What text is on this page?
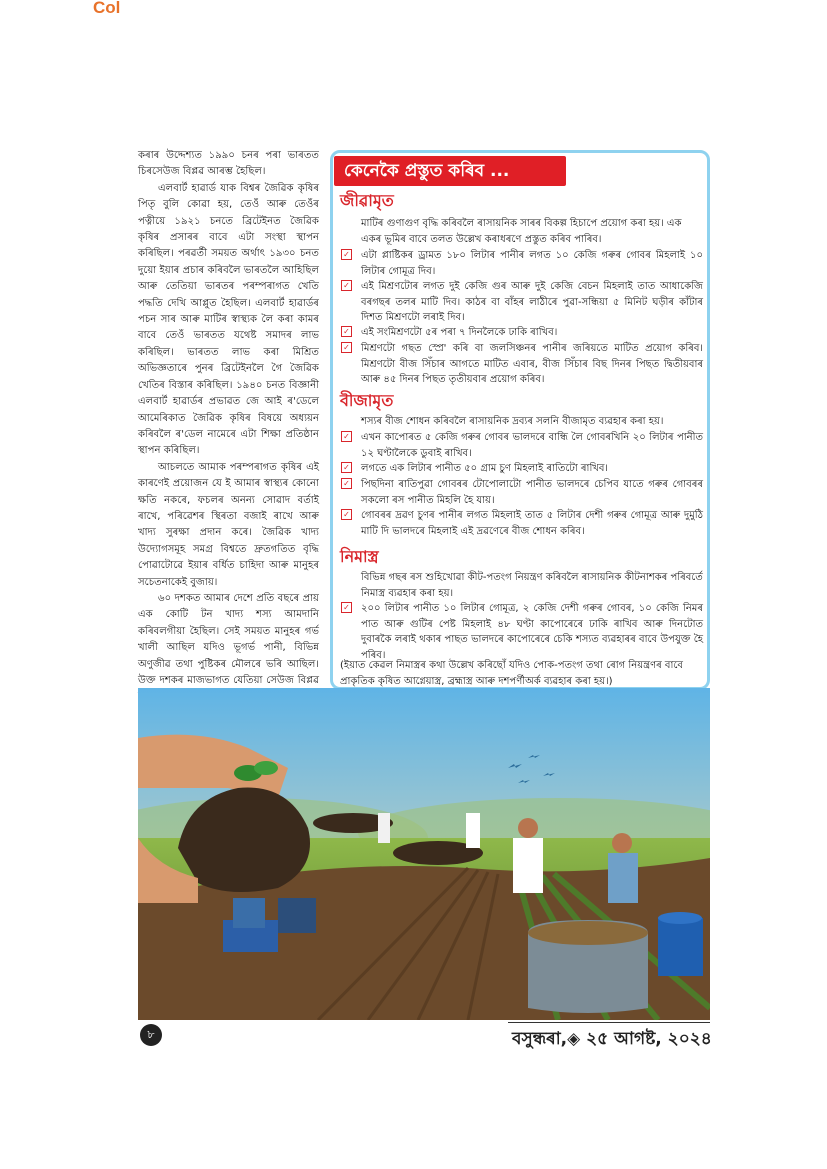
Col

কৰাৰ উদ্দেশ্যত ১৯৯০ চনৰ পৰা ভাৰতত চিৰসেউজ বিপ্লৱ আৰম্ভ হৈছিল।

এলবাৰ্ট হাৱাৰ্ড যাক বিশ্বৰ জৈৱিক কৃষিৰ পিতৃ বুলি কোৱা হয়, তেওঁ আৰু তেওঁৰ পত্নীয়ে ১৯২১ চনতে ব্ৰিটেইনত জৈৱিক কৃষিৰ প্ৰসাৰৰ বাবে এটা সংস্থা স্থাপন কৰিছিল। পৰৱৰ্তী সময়ত অৰ্থাৎ ১৯৩০ চনত দুয়ো ইয়াৰ প্ৰচাৰ কৰিবলৈ ভাৰতলৈ আহিছিল আৰু তেতিয়া ভাৰতৰ পৰম্পৰাগত খেতি পদ্ধতি দেখি আপ্লুত হৈছিল। এলবাৰ্ট হাৱাৰ্ডৰ পচন সাৰ আৰু মাটিৰ স্বাস্থ্যক লৈ কৰা কামৰ বাবে তেওঁ ভাৰতত যথেষ্ট সমাদৰ লাভ কৰিছিল। ভাৰতত লাভ কৰা মিশ্ৰিত অভিজ্ঞতাৰে পুনৰ ব্ৰিটেইনলৈ গৈ জৈৱিক খেতিৰ বিস্তাৰ কৰিছিল। ১৯৪০ চনত বিজ্ঞানী এলবাৰ্ট হাৱাৰ্ডৰ প্ৰভাৱত জে আই ৰ'ডেলে আমেৰিকাত জৈৱিক কৃষিৰ বিষয়ে অধ্যয়ন কৰিবলৈ ৰ'ডেল নামেৰে এটা শিক্ষা প্ৰতিষ্ঠান স্থাপন কৰিছিল।

আচলতে আমাক পৰম্পৰাগত কৃষিৰ এই কাৰণেই প্ৰয়োজন যে ই আমাৰ স্বাস্থ্যৰ কোনো ক্ষতি নকৰে, ফচলৰ অনন্য সোৱাদ বৰ্তাই ৰাখে, পৰিৱেশৰ স্থিৰতা বজাই ৰাখে আৰু খাদ্য সুৰক্ষা প্ৰদান কৰে। জৈৱিক খাদ্য উদ্যোগসমূহ সমগ্ৰ বিশ্বতে দ্ৰুতগতিত বৃদ্ধি পোৱাটোৱে ইয়াৰ বৰ্ধিত চাহিদা আৰু মানুহৰ সচেতনাকেই বুজায়।

৬০ দশকত আমাৰ দেশে প্ৰতি বছৰে প্ৰায় এক কোটি টন খাদ্য শস্য আমদানি কৰিবলগীয়া হৈছিল। সেই সময়ত মানুহৰ গৰ্ভ খালী আছিল যদিও ভূগৰ্ভ পানী, বিভিন্ন অণুজীৱ তথা পুষ্টিকৰ মৌলৰে ভৰি আছিল। উক্ত দশকৰ মাজভাগত যেতিয়া সেউজ বিপ্লৱ

কেনেকৈ প্ৰস্তুত কৰিব ...
জীৱামৃত
মাটিৰ গুণাগুণ বৃদ্ধি কৰিবলৈ ৰাসায়নিক সাৰৰ বিকল্প হিচাপে প্ৰয়োগ কৰা হয়। এক একৰ ভূমিৰ বাবে তলত উল্লেখ কৰাধৰণে প্ৰস্তুত কৰিব পাৰিব।
✓ এটা প্লাষ্টিকৰ ড্ৰামত ১৮০ লিটাৰ পানীৰ লগত ১০ কেজি গৰুৰ গোবৰ মিহলাই ১০ লিটাৰ গোমূত্ৰ দিব।
✓ এই মিশ্ৰণটোৰ লগত দুই কেজি গুৰ আৰু দুই কেজি বেচন মিহলাই তাত আধাকেজি বৰগছৰ তলৰ মাটি দিব। কাঠৰ বা বাঁহৰ লাঠীৰে পুৱা-সন্ধিয়া ৫ মিনিট ঘড়ীৰ কাঁটাৰ দিশত মিশ্ৰণটো লৰাই দিব।
✓ এই সংমিশ্ৰণটো ৫ৰ পৰা ৭ দিনলৈকে ঢাকি ৰাখিব।
✓ মিশ্ৰণটো গছত স্প্ৰে' কৰি বা জলসিঞ্চনৰ পানীৰ জৰিয়তে মাটিত প্ৰয়োগ কৰিব। মিশ্ৰণটো বীজ সিঁচাৰ আগতে মাটিত এবাৰ, বীজ সিঁচাৰ বিছ দিনৰ পিছত দ্বিতীয়বাৰ আৰু ৪৫ দিনৰ পিছত তৃতীয়বাৰ প্ৰয়োগ কৰিব।
বীজামৃত
শস্যৰ বীজ শোধন কৰিবলৈ ৰাসায়নিক দ্ৰব্যৰ সলনি বীজামৃত ব্যৱহাৰ কৰা হয়।
✓ এখন কাপোৰত ৫ কেজি গৰুৰ গোবৰ ভালদৰে বান্ধি লৈ গোবৰখিনি ২০ লিটাৰ পানীত ১২ ঘণ্টালৈকে ডুবাই ৰাখিব।
✓ লগতে এক লিটাৰ পানীত ৫০ গ্ৰাম চুণ মিহলাই ৰাতিটো ৰাখিব।
✓ পিছদিনা ৰাতিপুৱা গোবৰৰ টোপোলাটো পানীত ভালদৰে চেপিব যাতে গৰুৰ গোবৰৰ সকলো ৰস পানীত মিহলি হৈ যায়।
✓ গোবৰৰ দ্ৰৱণ চুণৰ পানীৰ লগত মিহলাই তাত ৫ লিটাৰ দেশী গৰুৰ গোমূত্ৰ আৰু দুমুঠি মাটি দি ভালদৰে মিহলাই এই দ্ৰৱণেৰে বীজ শোধন কৰিব।
নিমাস্ত্ৰ
বিভিন্ন গছৰ ৰস শুহিখোৱা কীট-পতংগ নিয়ন্ত্ৰণ কৰিবলৈ ৰাসায়নিক কীটনাশকৰ পৰিবৰ্তে নিমাস্ত্ৰ ব্যৱহাৰ কৰা হয়।
✓ ২০০ লিটাৰ পানীত ১০ লিটাৰ গোমূত্ৰ, ২ কেজি দেশী গৰুৰ গোবৰ, ১০ কেজি নিমৰ পাত আৰু গুটিৰ পেষ্ট মিহলাই ৪৮ ঘণ্টা কাপোৰেৰে ঢাকি ৰাখিব আৰু দিনটোত দুবাৰকৈ লৰাই থকাৰ পাছত ভালদৰে কাপোৰেৰে চেকি শস্যত ব্যৱহাৰৰ বাবে উপযুক্ত হৈ পৰিব।
(ইয়াত কেৱল নিমাস্ত্ৰৰ কথা উল্লেখ কৰিছোঁ যদিও পোক-পতংগ তথা ৰোগ নিয়ন্ত্ৰণৰ বাবে প্ৰাকৃতিক কৃষিত আগ্নেয়াস্ত্ৰ, ব্ৰহ্মাস্ত্ৰ আৰু দশপৰ্ণীঅৰ্ক ব্যৱহাৰ কৰা হয়।)
৮	বসুন্ধৰা,◈ ২৫ আগষ্ট, ২০২৪
